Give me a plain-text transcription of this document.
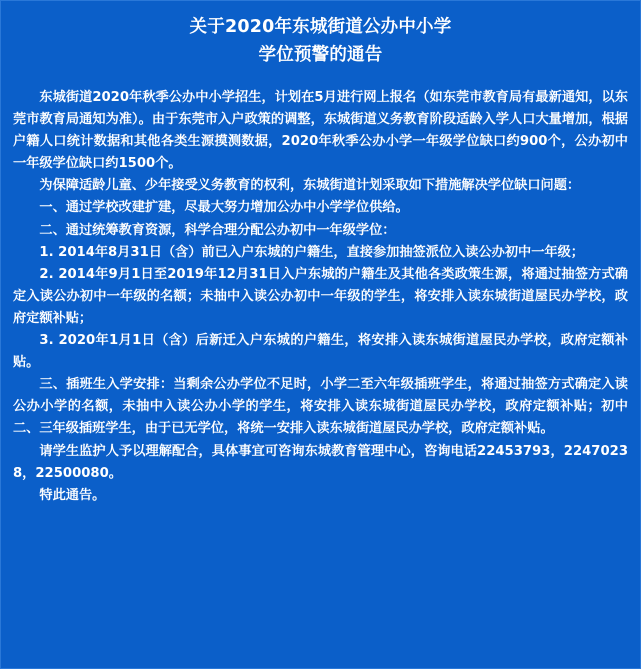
关于2020年东城街道公办中小学
学位预警的通告

东城街道2020年秋季公办中小学招生，计划在5月进行网上报名（如东莞市教育局有最新通知，以东莞市教育局通知为准）。由于东莞市入户政策的调整，东城街道义务教育阶段适龄入学人口大量增加，根据户籍人口统计数据和其他各类生源摸测数据，2020年秋季公办小学一年级学位缺口约900个，公办初中一年级学位缺口约1500个。

为保障适龄儿童、少年接受义务教育的权利，东城街道计划采取如下措施解决学位缺口问题：

一、通过学校改建扩建，尽最大努力增加公办中小学学位供给。

二、通过统筹教育资源，科学合理分配公办初中一年级学位：

1. 2014年8月31日（含）前已入户东城的户籍生，直接参加抽签派位入读公办初中一年级；

2. 2014年9月1日至2019年12月31日入户东城的户籍生及其他各类政策生源，将通过抽签方式确定入读公办初中一年级的名额；未抽中入读公办初中一年级的学生，将安排入读东城街道屋民办学校，政府定额补贴；

3. 2020年1月1日（含）后新迁入户东城的户籍生，将安排入读东城街道屋民办学校，政府定额补贴。

三、插班生入学安排：当剩余公办学位不足时，小学二至六年级插班学生，将通过抽签方式确定入读公办小学的名额，未抽中入读公办小学的学生，将安排入读东城街道屋民办学校，政府定额补贴；初中二、三年级插班学生，由于已无学位，将统一安排入读东城街道屋民办学校，政府定额补贴。

请学生监护人予以理解配合，具体事宜可咨询东城教育管理中心，咨询电话22453793，22470238，22500080。

特此通告。
